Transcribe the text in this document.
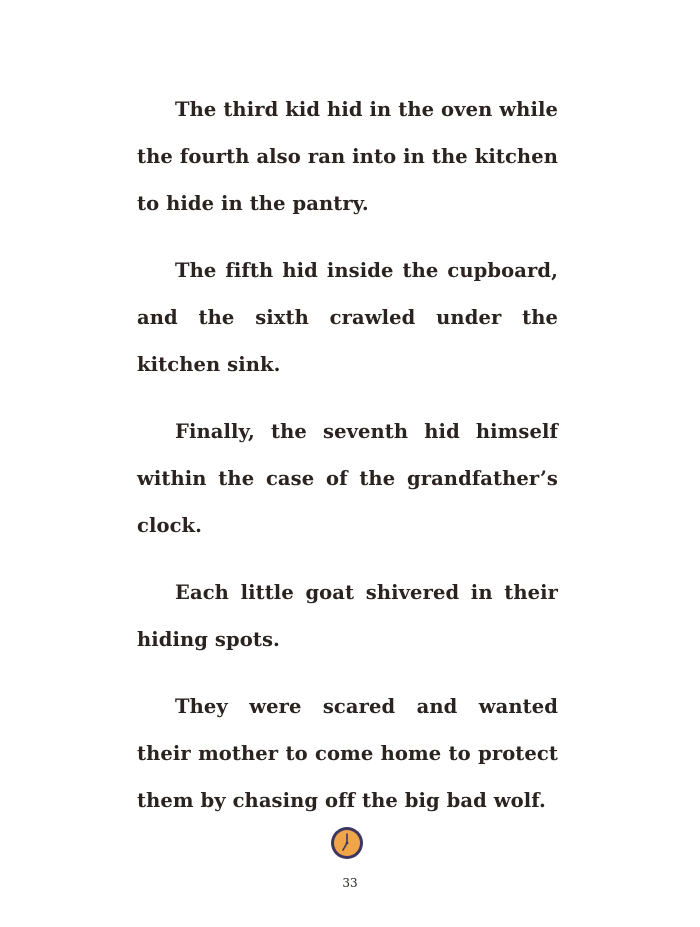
The third kid hid in the oven while the fourth also ran into in the kitchen to hide in the pantry.

The fifth hid inside the cupboard, and the sixth crawled under the kitchen sink.

Finally, the seventh hid himself within the case of the grandfather’s clock.

Each little goat shivered in their hiding spots.

They were scared and wanted their mother to come home to protect them by chasing off the big bad wolf.

33
